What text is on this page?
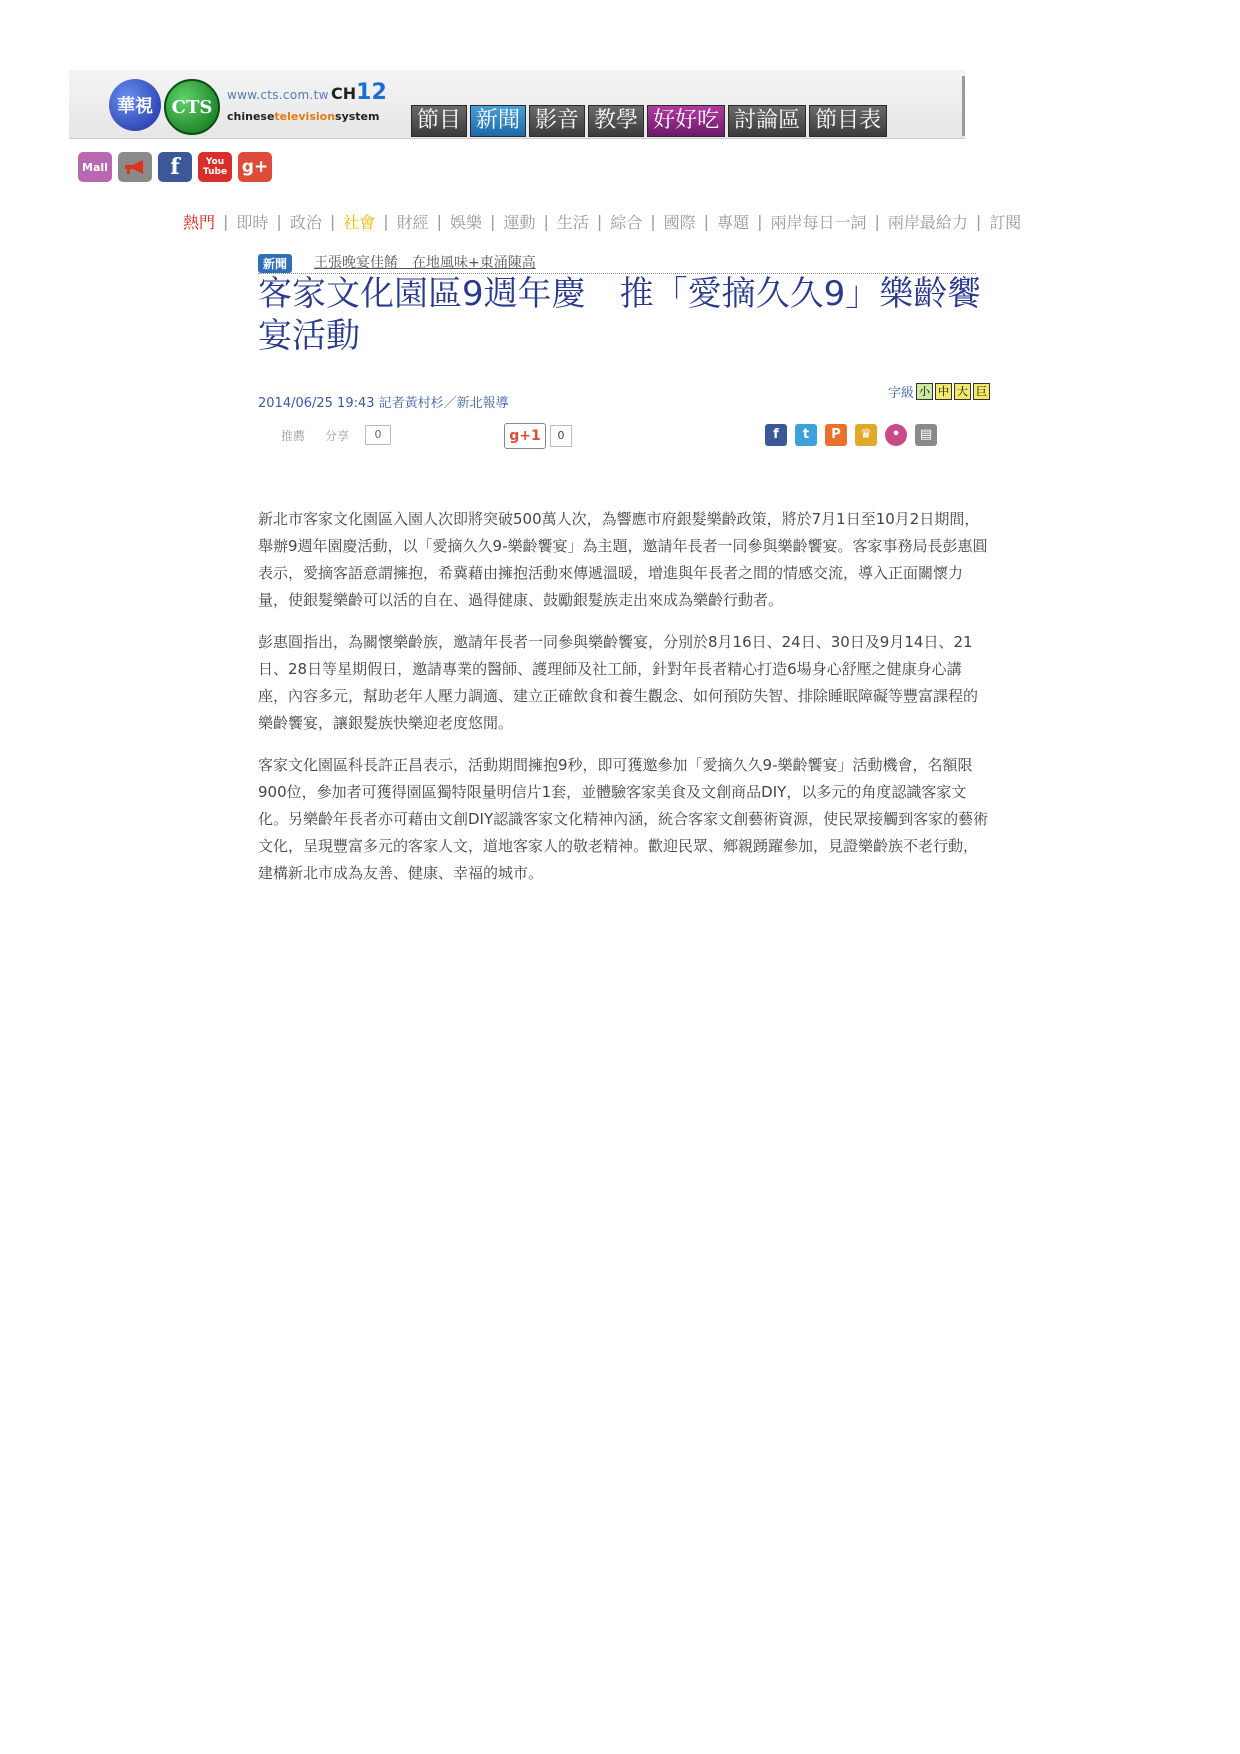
華視	CTS
www.cts.com.tw CH12
chinesetelevisionsystem 節目 新聞 影音 教學 好好吃 討論區 節目表
Mall	f	You
Tube g+
熱門 | 即時 | 政治 | 社會 | 財經 | 娛樂 | 運動 | 生活 | 綜合 | 國際 | 專題 | 兩岸每日一詞 | 兩岸最給力 | 訂閱
新聞	王張晚宴佳餚　在地風味+東涌陳高
客家文化園區9週年慶　推「愛摘久久9」樂齡饗宴活動
2014/06/25 19:43 記者黃村杉／新北報導
字級 小 中 大 巨
推薦 分享	0	g+1	0	f	t	P	♛	•	▤

新北市客家文化園區入園人次即將突破500萬人次，為響應市府銀髮樂齡政策，將於7月1日至10月2日期間，舉辦9週年園慶活動，以「愛摘久久9-樂齡饗宴」為主題，邀請年長者一同參與樂齡饗宴。客家事務局長彭惠圓表示，愛摘客語意謂擁抱，希冀藉由擁抱活動來傳遞溫暖，增進與年長者之間的情感交流，導入正面關懷力量，使銀髮樂齡可以活的自在、過得健康、鼓勵銀髮族走出來成為樂齡行動者。

彭惠圓指出，為關懷樂齡族，邀請年長者一同參與樂齡饗宴，分別於8月16日、24日、30日及9月14日、21日、28日等星期假日，邀請專業的醫師、護理師及社工師，針對年長者精心打造6場身心舒壓之健康身心講座，內容多元，幫助老年人壓力調適、建立正確飲食和養生觀念、如何預防失智、排除睡眠障礙等豐富課程的樂齡饗宴，讓銀髮族快樂迎老度悠閒。

客家文化園區科長許正昌表示，活動期間擁抱9秒，即可獲邀參加「愛摘久久9-樂齡饗宴」活動機會，名額限900位，參加者可獲得園區獨特限量明信片1套，並體驗客家美食及文創商品DIY，以多元的角度認識客家文化。另樂齡年長者亦可藉由文創DIY認識客家文化精神內涵，統合客家文創藝術資源，使民眾接觸到客家的藝術文化，呈現豐富多元的客家人文，道地客家人的敬老精神。歡迎民眾、鄉親踴躍參加，見證樂齡族不老行動，建構新北市成為友善、健康、幸福的城市。
